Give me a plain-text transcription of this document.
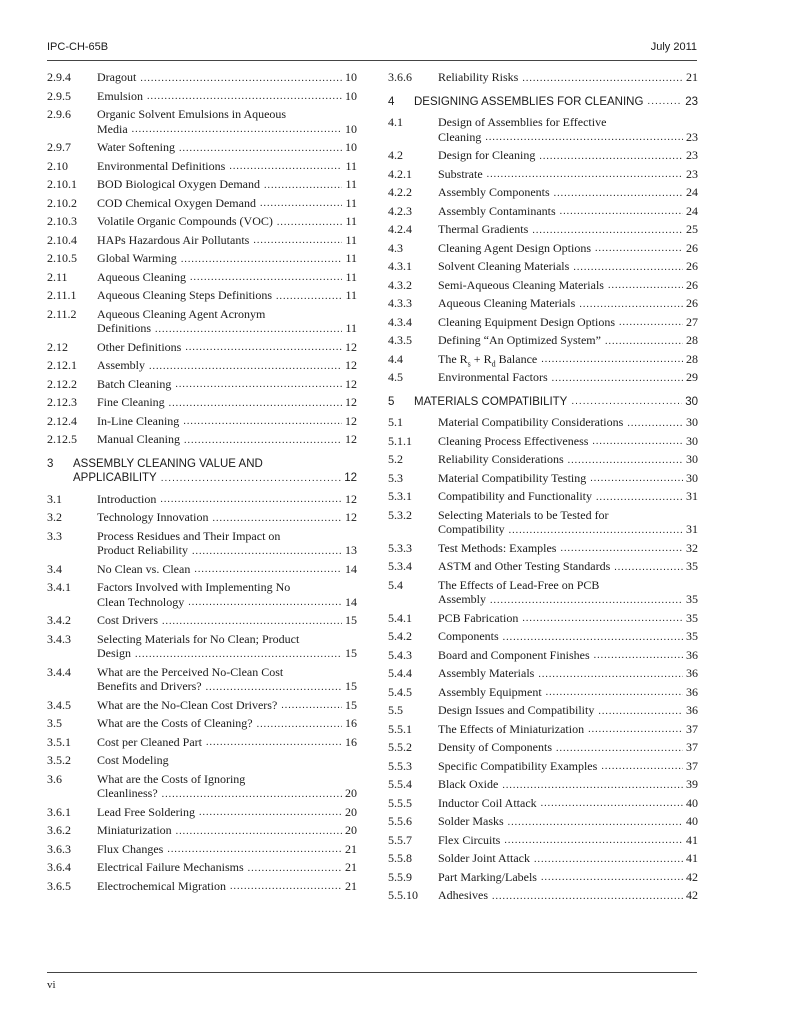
IPC-CH-65B	July 2011
2.9.4	Dragout .....	10
2.9.5	Emulsion .....	10
2.9.6	Organic Solvent Emulsions in Aqueous
Media .....	10
2.9.7	Water Softening .....	10
2.10	Environmental Definitions .....	11
2.10.1	BOD Biological Oxygen Demand .....	11
2.10.2	COD Chemical Oxygen Demand .....	11
2.10.3	Volatile Organic Compounds (VOC) .....	11
2.10.4	HAPs Hazardous Air Pollutants .....	11
2.10.5	Global Warming .....	11
2.11	Aqueous Cleaning .....	11
2.11.1	Aqueous Cleaning Steps Definitions .....	11
2.11.2	Aqueous Cleaning Agent Acronym
Definitions .....	11
2.12	Other Definitions .....	12
2.12.1	Assembly .....	12
2.12.2	Batch Cleaning .....	12
2.12.3	Fine Cleaning .....	12
2.12.4	In-Line Cleaning .....	12
2.12.5	Manual Cleaning .....	12
3	ASSEMBLY CLEANING VALUE AND
APPLICABILITY .....	12
3.1	Introduction .....	12
3.2	Technology Innovation .....	12
3.3	Process Residues and Their Impact on
Product Reliability .....	13
3.4	No Clean vs. Clean .....	14
3.4.1	Factors Involved with Implementing No
Clean Technology .....	14
3.4.2	Cost Drivers .....	15
3.4.3	Selecting Materials for No Clean; Product
Design .....	15
3.4.4	What are the Perceived No-Clean Cost
Benefits and Drivers? .....	15
3.4.5	What are the No-Clean Cost Drivers? .....	15
3.5	What are the Costs of Cleaning? .....	16
3.5.1	Cost per Cleaned Part .....	16
3.5.2	Cost Modeling
3.6	What are the Costs of Ignoring
Cleanliness? .....	20
3.6.1	Lead Free Soldering .....	20
3.6.2	Miniaturization .....	20
3.6.3	Flux Changes .....	21
3.6.4	Electrical Failure Mechanisms .....	21
3.6.5	Electrochemical Migration .....	21
3.6.6	Reliability Risks .....	21
4	DESIGNING ASSEMBLIES FOR CLEANING .....	23
4.1	Design of Assemblies for Effective
Cleaning .....	23
4.2	Design for Cleaning .....	23
4.2.1	Substrate .....	23
4.2.2	Assembly Components .....	24
4.2.3	Assembly Contaminants .....	24
4.2.4	Thermal Gradients .....	25
4.3	Cleaning Agent Design Options .....	26
4.3.1	Solvent Cleaning Materials .....	26
4.3.2	Semi-Aqueous Cleaning Materials .....	26
4.3.3	Aqueous Cleaning Materials .....	26
4.3.4	Cleaning Equipment Design Options .....	27
4.3.5	Defining “An Optimized System” .....	28
4.4	The $R_s + R_d$ Balance .....	28
4.5	Environmental Factors .....	29
5	MATERIALS COMPATIBILITY .....	30
5.1	Material Compatibility Considerations .....	30
5.1.1	Cleaning Process Effectiveness .....	30
5.2	Reliability Considerations .....	30
5.3	Material Compatibility Testing .....	30
5.3.1	Compatibility and Functionality .....	31
5.3.2	Selecting Materials to be Tested for
Compatibility .....	31
5.3.3	Test Methods: Examples .....	32
5.3.4	ASTM and Other Testing Standards .....	35
5.4	The Effects of Lead-Free on PCB
Assembly .....	35
5.4.1	PCB Fabrication .....	35
5.4.2	Components .....	35
5.4.3	Board and Component Finishes .....	36
5.4.4	Assembly Materials .....	36
5.4.5	Assembly Equipment .....	36
5.5	Design Issues and Compatibility .....	36
5.5.1	The Effects of Miniaturization .....	37
5.5.2	Density of Components .....	37
5.5.3	Specific Compatibility Examples .....	37
5.5.4	Black Oxide .....	39
5.5.5	Inductor Coil Attack .....	40
5.5.6	Solder Masks .....	40
5.5.7	Flex Circuits .....	41
5.5.8	Solder Joint Attack .....	41
5.5.9	Part Marking/Labels .....	42
5.5.10	Adhesives .....	42
vi
